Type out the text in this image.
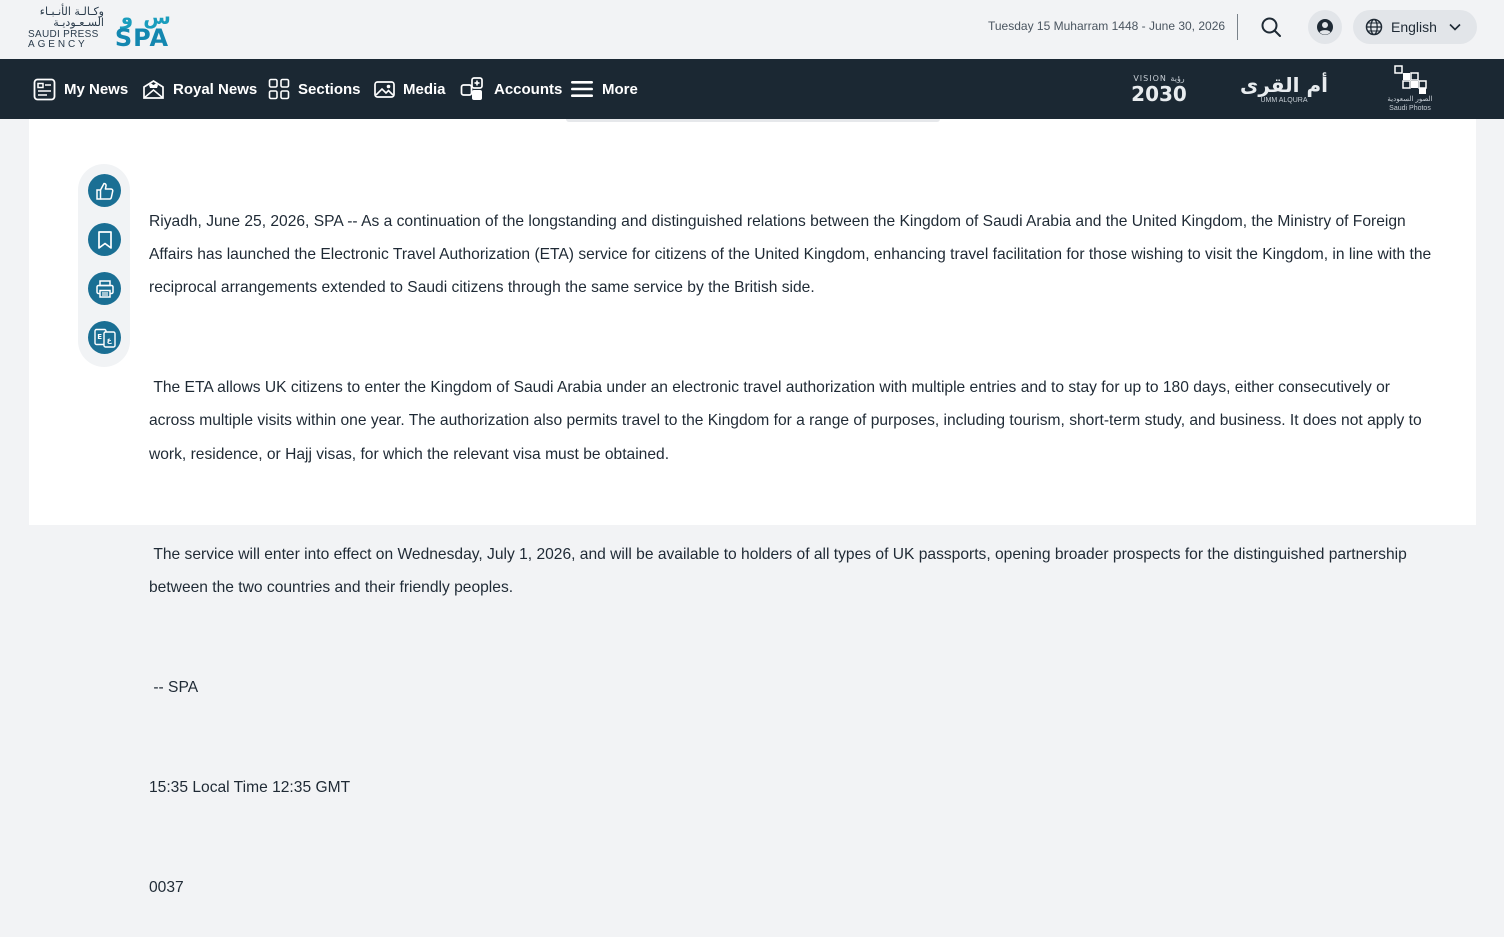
وكـالـة الأنـبـاء السـعـوديـة
SAUDI PRESS
AGENCY
و س
SPA	Tuesday 15 Muharram 1448 - June 30, 2026	English
My News	Royal News	Sections	Media	Accounts	More
VISION رؤية
2030	أم القرى
UMM ALQURA	الصور السعودية
Saudi Photos
E ع

Riyadh, June 25, 2026, SPA -- As a continuation of the longstanding and distinguished relations between the Kingdom of Saudi Arabia and the United Kingdom, the Ministry of Foreign Affairs has launched the Electronic Travel Authorization (ETA) service for citizens of the United Kingdom, enhancing travel facilitation for those wishing to visit the Kingdom, in line with the reciprocal arrangements extended to Saudi citizens through the same service by the British side.

The ETA allows UK citizens to enter the Kingdom of Saudi Arabia under an electronic travel authorization with multiple entries and to stay for up to 180 days, either consecutively or across multiple visits within one year. The authorization also permits travel to the Kingdom for a range of purposes, including tourism, short-term study, and business. It does not apply to work, residence, or Hajj visas, for which the relevant visa must be obtained.

The service will enter into effect on Wednesday, July 1, 2026, and will be available to holders of all types of UK passports, opening broader prospects for the distinguished partnership between the two countries and their friendly peoples.

-- SPA

15:35 Local Time 12:35 GMT

0037
